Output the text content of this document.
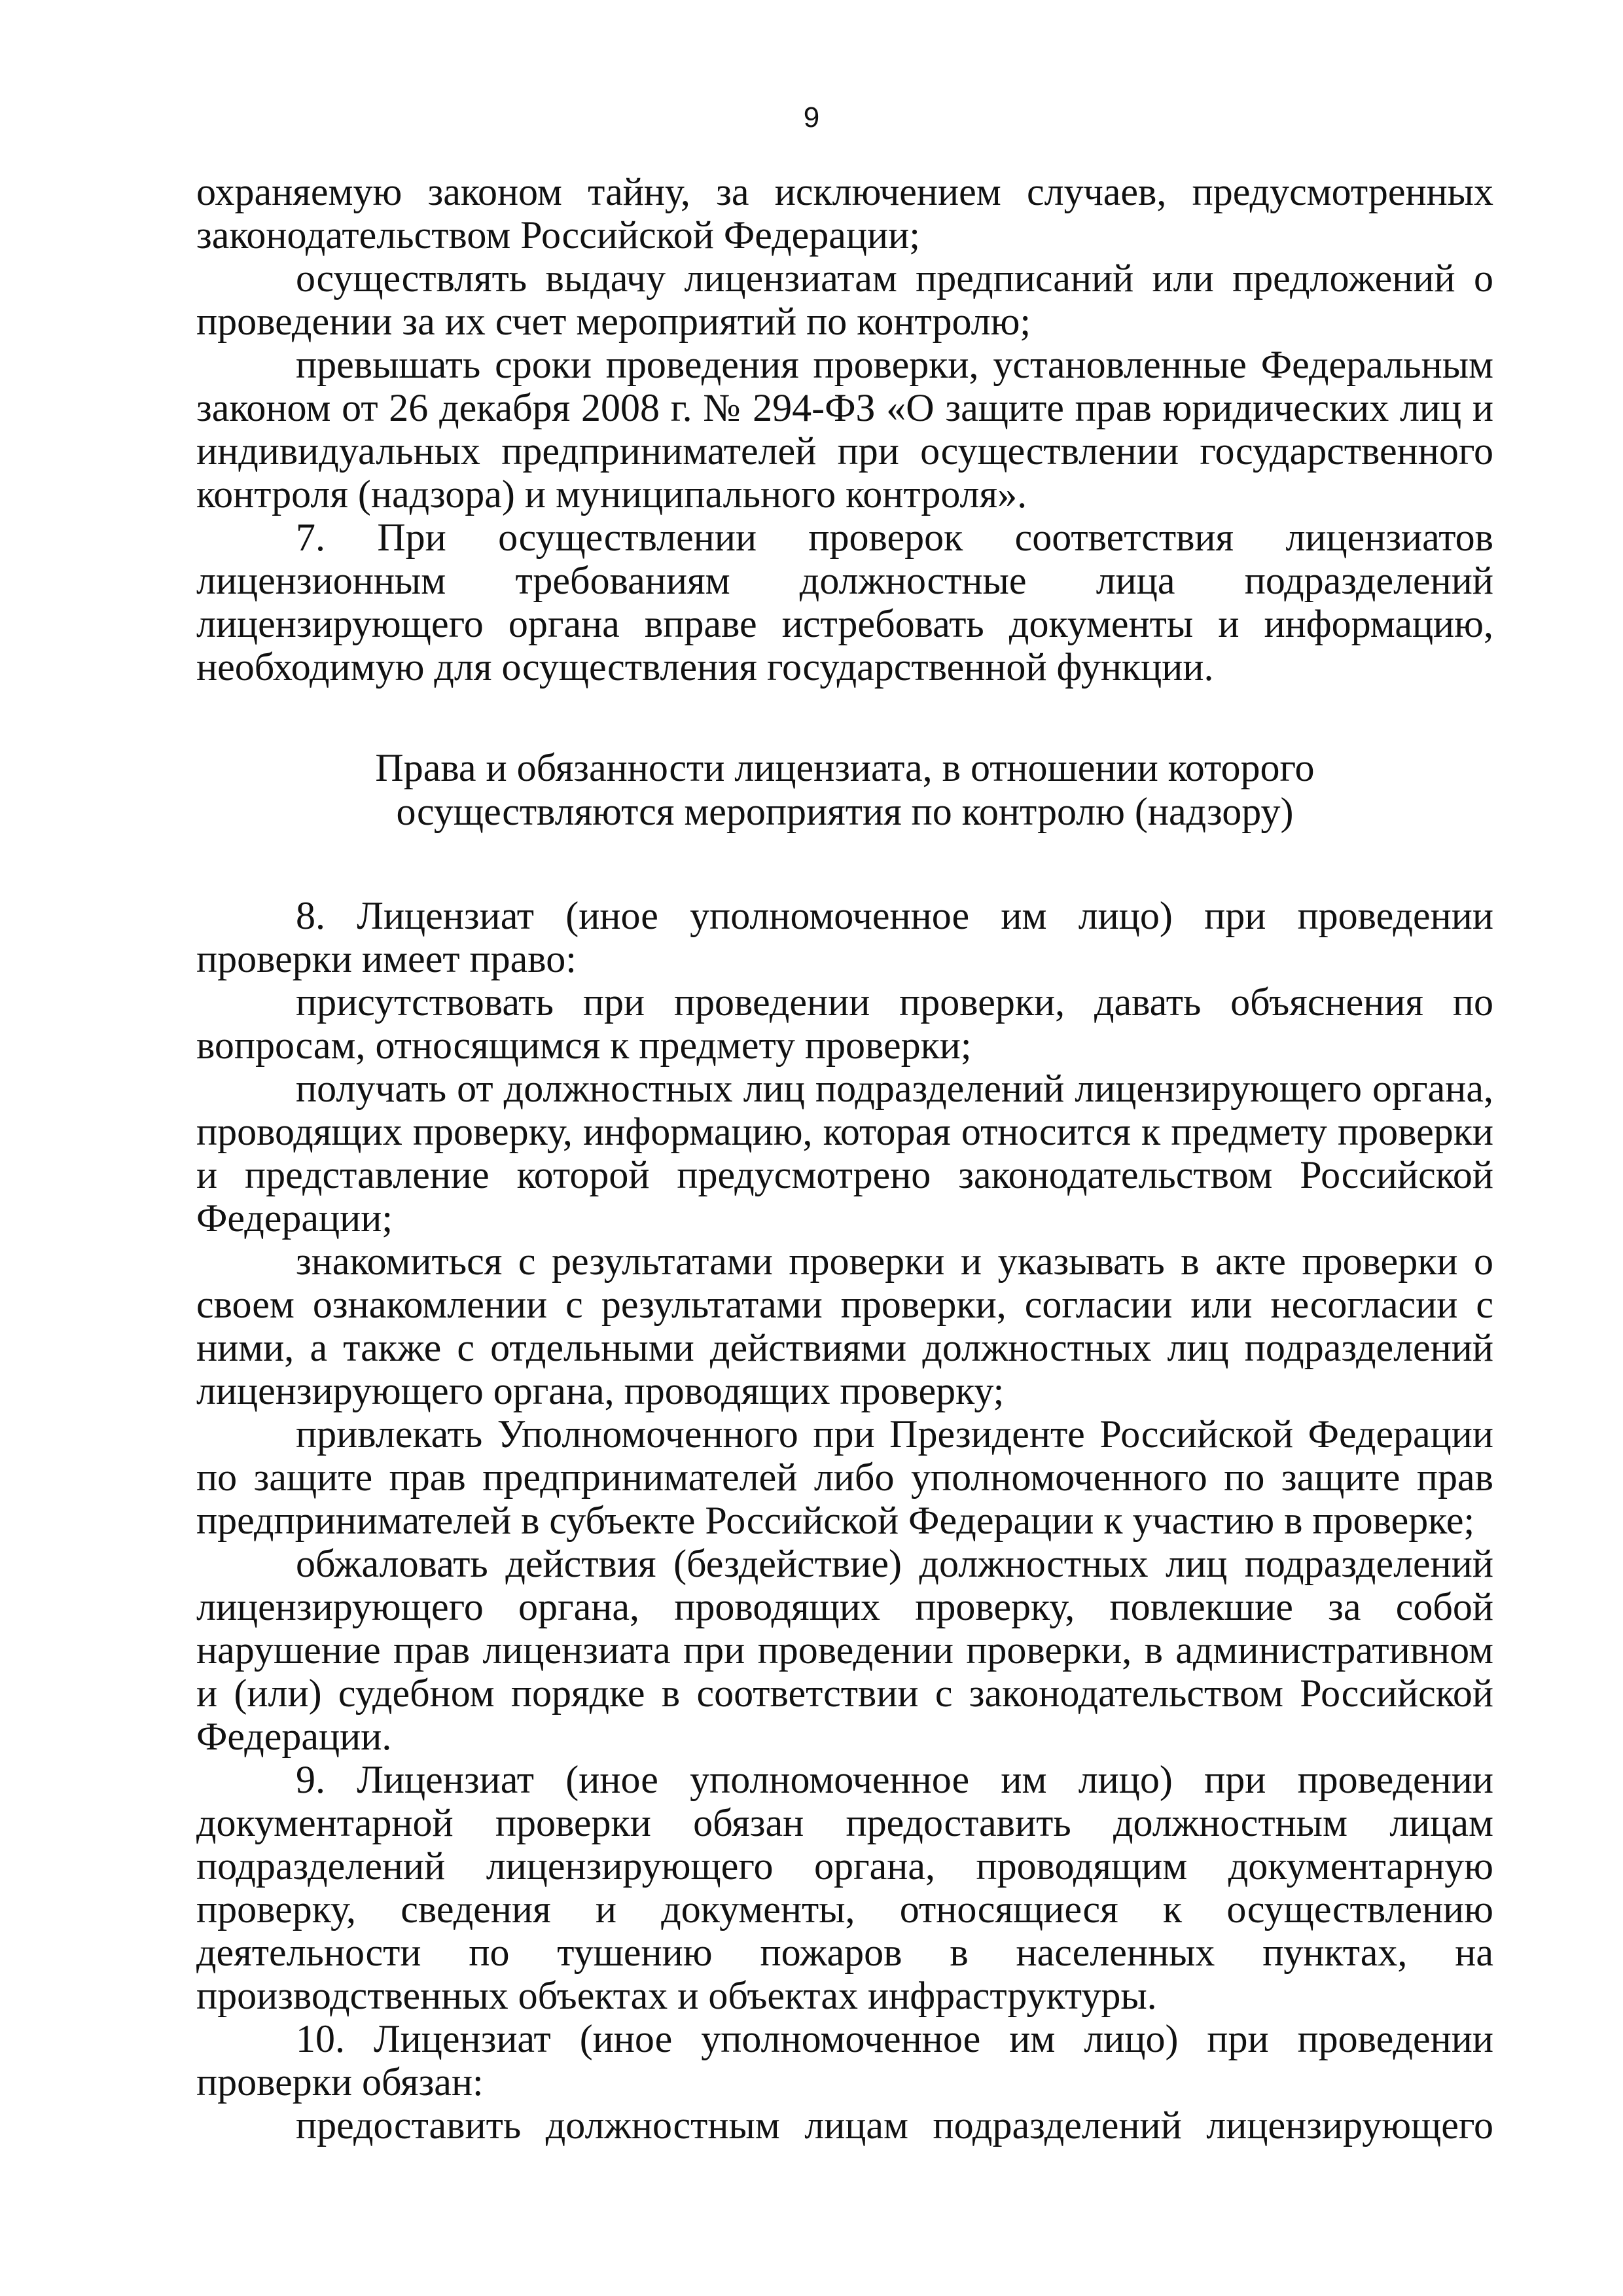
9

охраняемую законом тайну, за исключением случаев, предусмотренных законодательством Российской Федерации;

осуществлять выдачу лицензиатам предписаний или предложений о проведении за их счет мероприятий по контролю;

превышать сроки проведения проверки, установленные Федеральным законом от 26 декабря 2008 г. № 294-ФЗ «О защите прав юридических лиц и индивидуальных предпринимателей при осуществлении государственного контроля (надзора) и муниципального контроля».

7. При осуществлении проверок соответствия лицензиатов лицензионным требованиям должностные лица подразделений лицензирующего органа вправе истребовать документы и информацию, необходимую для осуществления государственной функции.

Права и обязанности лицензиата, в отношении которого
осуществляются мероприятия по контролю (надзору)

8. Лицензиат (иное уполномоченное им лицо) при проведении проверки имеет право:

присутствовать при проведении проверки, давать объяснения по вопросам, относящимся к предмету проверки;

получать от должностных лиц подразделений лицензирующего органа, проводящих проверку, информацию, которая относится к предмету проверки и представление которой предусмотрено законодательством Российской Федерации;

знакомиться с результатами проверки и указывать в акте проверки о своем ознакомлении с результатами проверки, согласии или несогласии с ними, а также с отдельными действиями должностных лиц подразделений лицензирующего органа, проводящих проверку;

привлекать Уполномоченного при Президенте Российской Федерации по защите прав предпринимателей либо уполномоченного по защите прав предпринимателей в субъекте Российской Федерации к участию в проверке;

обжаловать действия (бездействие) должностных лиц подразделений лицензирующего органа, проводящих проверку, повлекшие за собой нарушение прав лицензиата при проведении проверки, в административном и (или) судебном порядке в соответствии с законодательством Российской Федерации.

9. Лицензиат (иное уполномоченное им лицо) при проведении документарной проверки обязан предоставить должностным лицам подразделений лицензирующего органа, проводящим документарную проверку, сведения и документы, относящиеся к осуществлению деятельности по тушению пожаров в населенных пунктах, на производственных объектах и объектах инфраструктуры.

10. Лицензиат (иное уполномоченное им лицо) при проведении проверки обязан:

предоставить должностным лицам подразделений лицензирующего
